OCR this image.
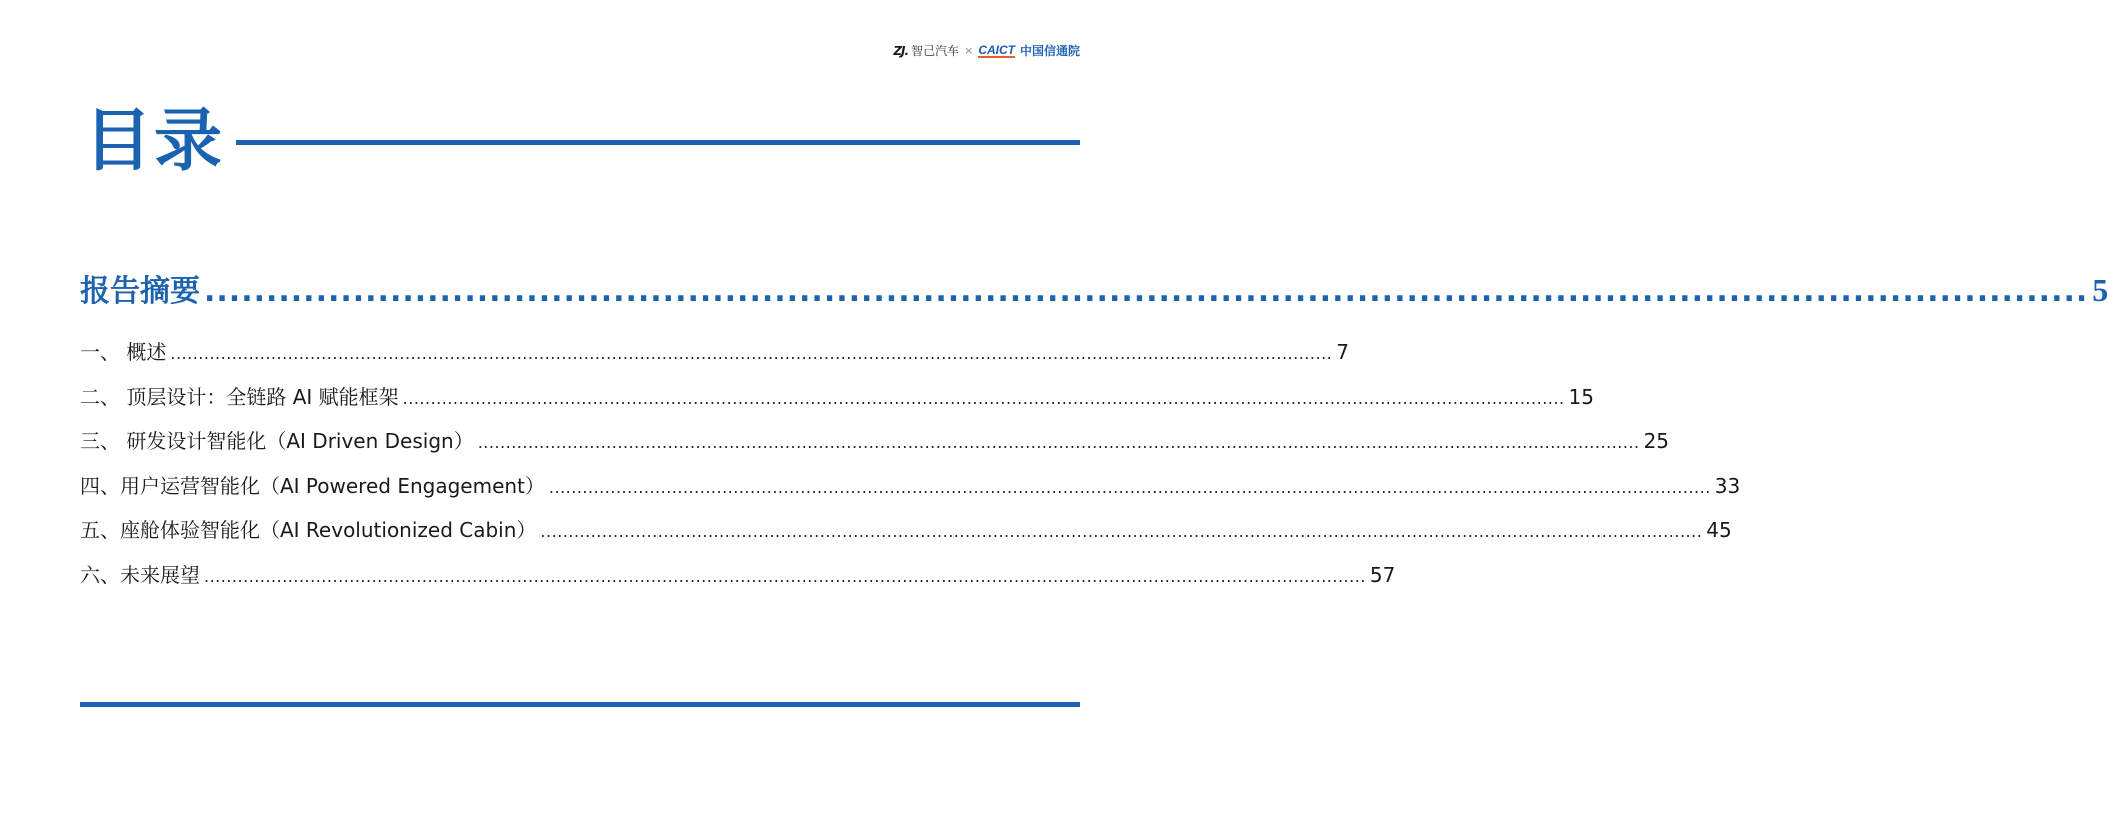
ZJ. 智己汽车 × CAICT 中国信通院
目录
报告摘要 ........................................................................................................................................................ 5
一、 概述 ................................................................................................................................................................................................................ 7
二、 顶层设计：全链路 AI 赋能框架 ................................................................................................................................................................................................................ 15
三、 研发设计智能化（AI Driven Design） ................................................................................................................................................................................................................ 25
四、用户运营智能化（AI Powered Engagement） ................................................................................................................................................................................................................ 33
五、座舱体验智能化（AI Revolutionized Cabin） ................................................................................................................................................................................................................ 45
六、未来展望 ................................................................................................................................................................................................................ 57
